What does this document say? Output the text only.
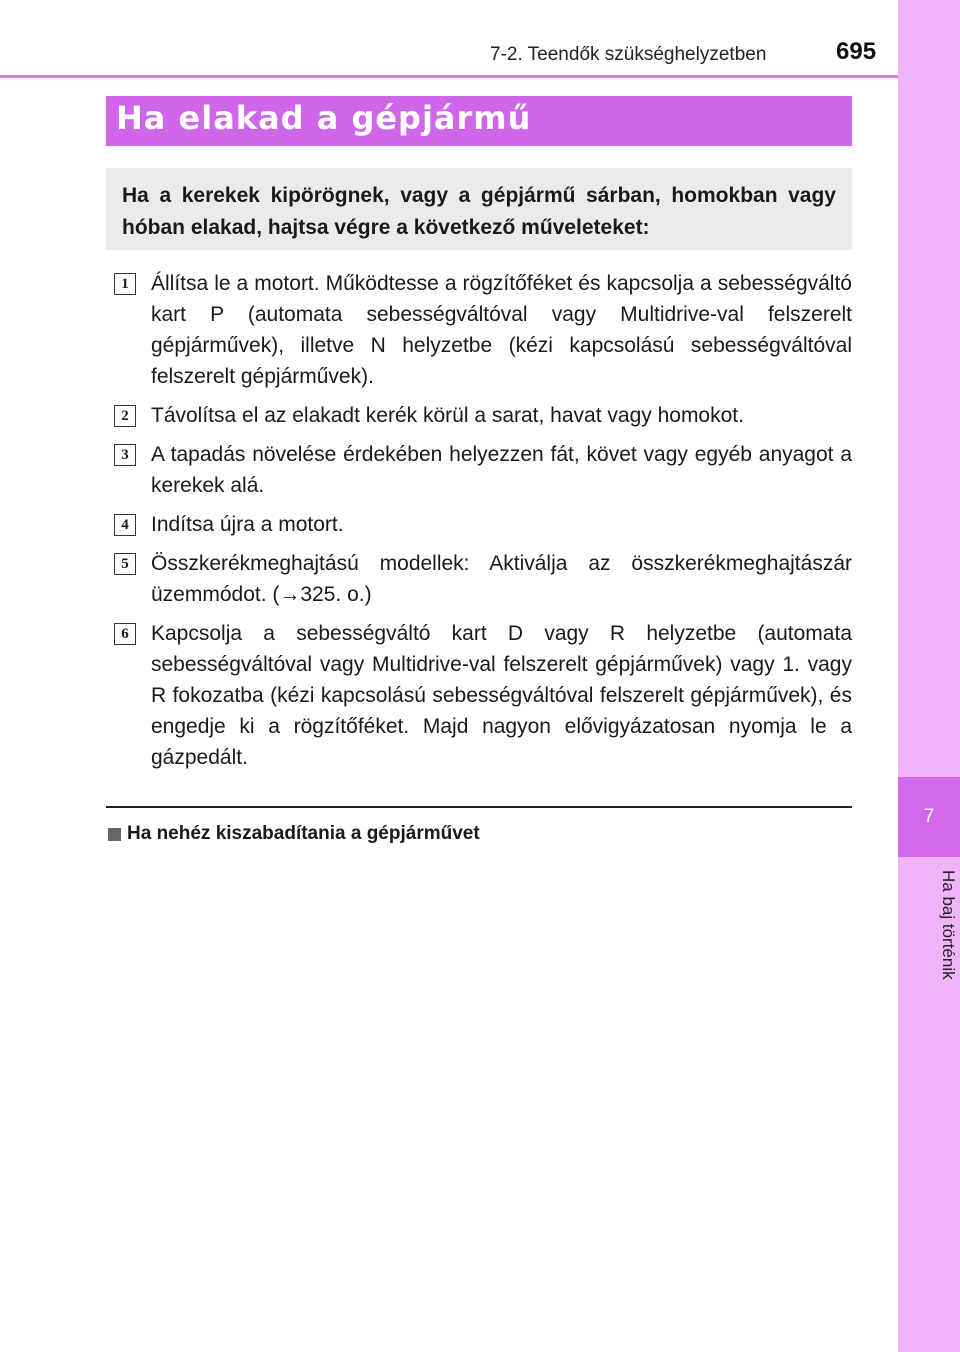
7-2. Teendők szükséghelyzetben	695
7
Ha baj történik
Ha elakad a gépjármű
Ha a kerekek kipörögnek, vagy a gépjármű sárban, homokban vagy hóban elakad, hajtsa végre a következő műveleteket:
1	Állítsa le a motort. Működtesse a rögzítőféket és kapcsolja a sebességváltó kart P (automata sebességváltóval vagy Multidrive-val felszerelt gépjárművek), illetve N helyzetbe (kézi kapcsolású sebességváltóval felszerelt gépjárművek).
2	Távolítsa el az elakadt kerék körül a sarat, havat vagy homokot.
3	A tapadás növelése érdekében helyezzen fát, követ vagy egyéb anyagot a kerekek alá.
4	Indítsa újra a motort.
5	Összkerékmeghajtású modellek: Aktiválja az összkerékmeghajtászár üzemmódot. (→325. o.)
6	Kapcsolja a sebességváltó kart D vagy R helyzetbe (automata sebességváltóval vagy Multidrive-val felszerelt gépjárművek) vagy 1. vagy R fokozatba (kézi kapcsolású sebességváltóval felszerelt gépjárművek), és engedje ki a rögzítőféket. Majd nagyon elővigyázatosan nyomja le a gázpedált.
Ha nehéz kiszabadítania a gépjárművet
